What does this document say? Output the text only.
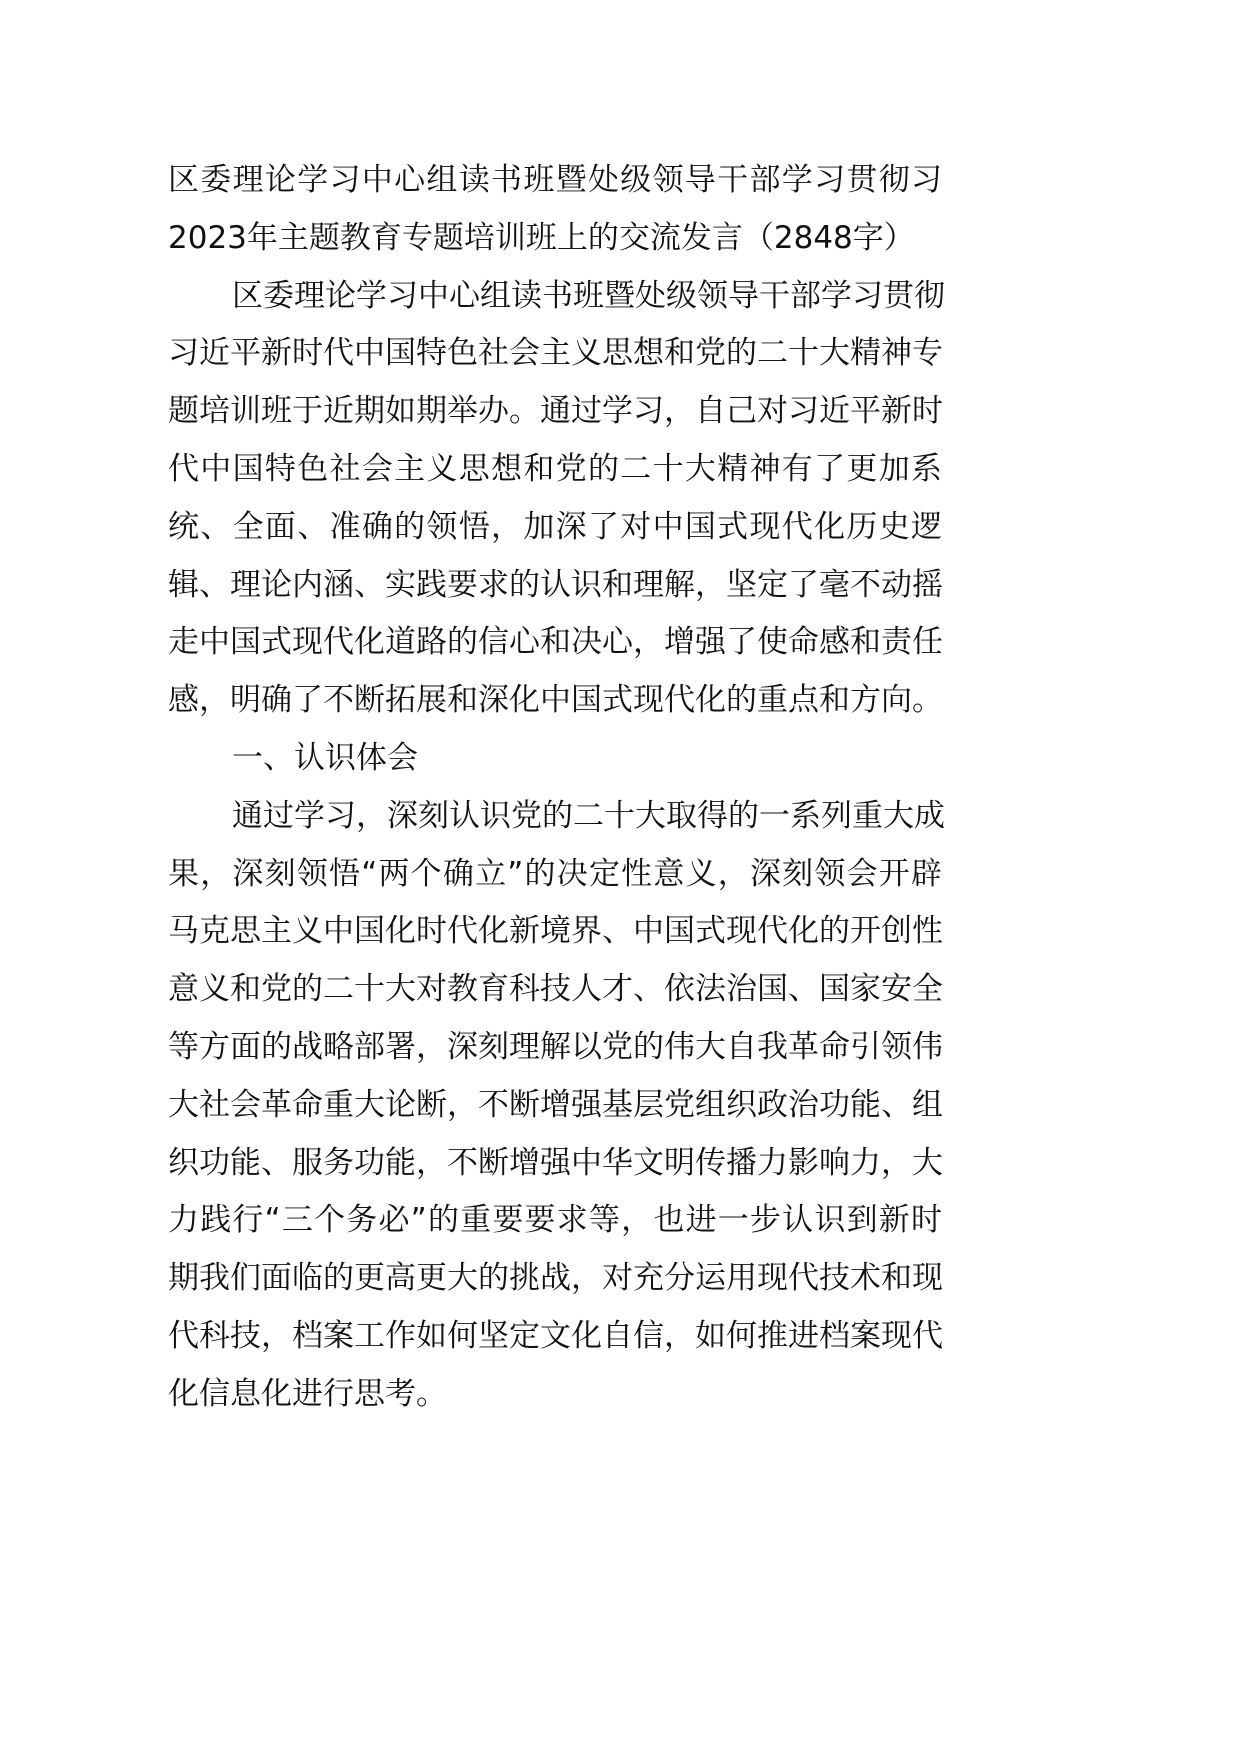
区委理论学习中心组读书班暨处级领导干部学习贯彻习
2023年主题教育专题培训班上的交流发言（2848字）
区委理论学习中心组读书班暨处级领导干部学习贯彻
习近平新时代中国特色社会主义思想和党的二十大精神专
题培训班于近期如期举办。通过学习，自己对习近平新时
代中国特色社会主义思想和党的二十大精神有了更加系
统、全面、准确的领悟，加深了对中国式现代化历史逻
辑、理论内涵、实践要求的认识和理解，坚定了毫不动摇
走中国式现代化道路的信心和决心，增强了使命感和责任
感，明确了不断拓展和深化中国式现代化的重点和方向。
一、认识体会
通过学习，深刻认识党的二十大取得的一系列重大成
果，深刻领悟“两个确立”的决定性意义，深刻领会开辟
马克思主义中国化时代化新境界、中国式现代化的开创性
意义和党的二十大对教育科技人才、依法治国、国家安全
等方面的战略部署，深刻理解以党的伟大自我革命引领伟
大社会革命重大论断，不断增强基层党组织政治功能、组
织功能、服务功能，不断增强中华文明传播力影响力，大
力践行“三个务必”的重要要求等，也进一步认识到新时
期我们面临的更高更大的挑战，对充分运用现代技术和现
代科技，档案工作如何坚定文化自信，如何推进档案现代
化信息化进行思考。
